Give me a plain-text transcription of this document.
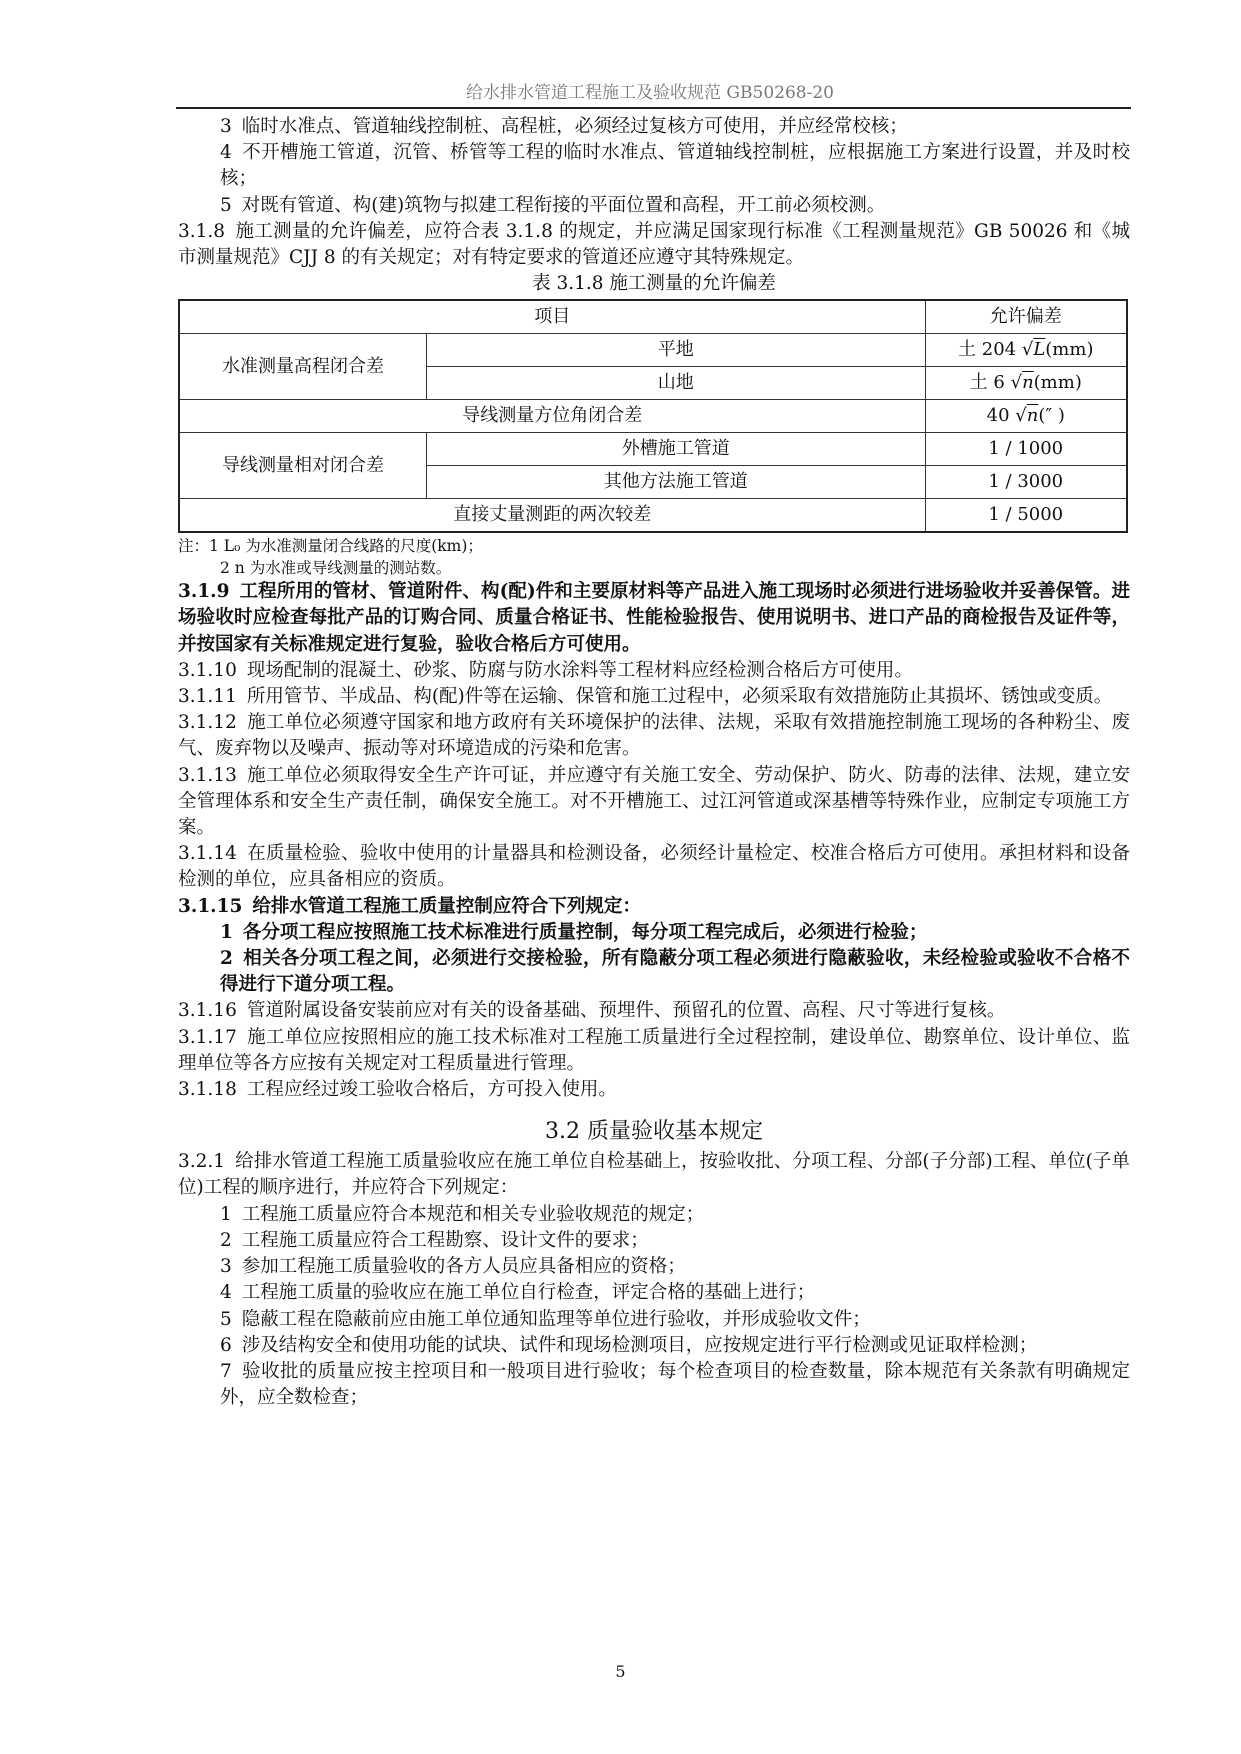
给水排水管道工程施工及验收规范 GB50268-20

3 临时水准点、管道轴线控制桩、高程桩，必须经过复核方可使用，并应经常校核；

4 不开槽施工管道，沉管、桥管等工程的临时水准点、管道轴线控制桩，应根据施工方案进行设置，并及时校核；

5 对既有管道、构(建)筑物与拟建工程衔接的平面位置和高程，开工前必须校测。

3.1.8 施工测量的允许偏差，应符合表 3.1.8 的规定，并应满足国家现行标准《工程测量规范》GB 50026 和《城市测量规范》CJJ 8 的有关规定；对有特定要求的管道还应遵守其特殊规定。

表 3.1.8 施工测量的允许偏差

项目		允许偏差
水准测量高程闭合差	平地	土 204 √L(mm)
	山地	土 6 √n(mm)
导线测量方位角闭合差		40 √n(″ )
导线测量相对闭合差	外槽施工管道	1 / 1000
	其他方法施工管道	1 / 3000
直接丈量测距的两次较差		1 / 5000
注：1 L₀ 为水准测量闭合线路的尺度(km)；
2 n 为水准或导线测量的测站数。

3.1.9 工程所用的管材、管道附件、构(配)件和主要原材料等产品进入施工现场时必须进行进场验收并妥善保管。进场验收时应检查每批产品的订购合同、质量合格证书、性能检验报告、使用说明书、进口产品的商检报告及证件等，并按国家有关标准规定进行复验，验收合格后方可使用。

3.1.10 现场配制的混凝土、砂浆、防腐与防水涂料等工程材料应经检测合格后方可使用。

3.1.11 所用管节、半成品、构(配)件等在运输、保管和施工过程中，必须采取有效措施防止其损坏、锈蚀或变质。

3.1.12 施工单位必须遵守国家和地方政府有关环境保护的法律、法规，采取有效措施控制施工现场的各种粉尘、废气、废弃物以及噪声、振动等对环境造成的污染和危害。

3.1.13 施工单位必须取得安全生产许可证，并应遵守有关施工安全、劳动保护、防火、防毒的法律、法规，建立安全管理体系和安全生产责任制，确保安全施工。对不开槽施工、过江河管道或深基槽等特殊作业，应制定专项施工方案。

3.1.14 在质量检验、验收中使用的计量器具和检测设备，必须经计量检定、校准合格后方可使用。承担材料和设备检测的单位，应具备相应的资质。

3.1.15 给排水管道工程施工质量控制应符合下列规定：

1 各分项工程应按照施工技术标准进行质量控制，每分项工程完成后，必须进行检验；

2 相关各分项工程之间，必须进行交接检验，所有隐蔽分项工程必须进行隐蔽验收，未经检验或验收不合格不得进行下道分项工程。

3.1.16 管道附属设备安装前应对有关的设备基础、预埋件、预留孔的位置、高程、尺寸等进行复核。

3.1.17 施工单位应按照相应的施工技术标准对工程施工质量进行全过程控制，建设单位、勘察单位、设计单位、监理单位等各方应按有关规定对工程质量进行管理。

3.1.18 工程应经过竣工验收合格后，方可投入使用。

3.2 质量验收基本规定

3.2.1 给排水管道工程施工质量验收应在施工单位自检基础上，按验收批、分项工程、分部(子分部)工程、单位(子单位)工程的顺序进行，并应符合下列规定：

1 工程施工质量应符合本规范和相关专业验收规范的规定；

2 工程施工质量应符合工程勘察、设计文件的要求；

3 参加工程施工质量验收的各方人员应具备相应的资格；

4 工程施工质量的验收应在施工单位自行检查，评定合格的基础上进行；

5 隐蔽工程在隐蔽前应由施工单位通知监理等单位进行验收，并形成验收文件；

6 涉及结构安全和使用功能的试块、试件和现场检测项目，应按规定进行平行检测或见证取样检测；

7 验收批的质量应按主控项目和一般项目进行验收；每个检查项目的检查数量，除本规范有关条款有明确规定外，应全数检查；

5
